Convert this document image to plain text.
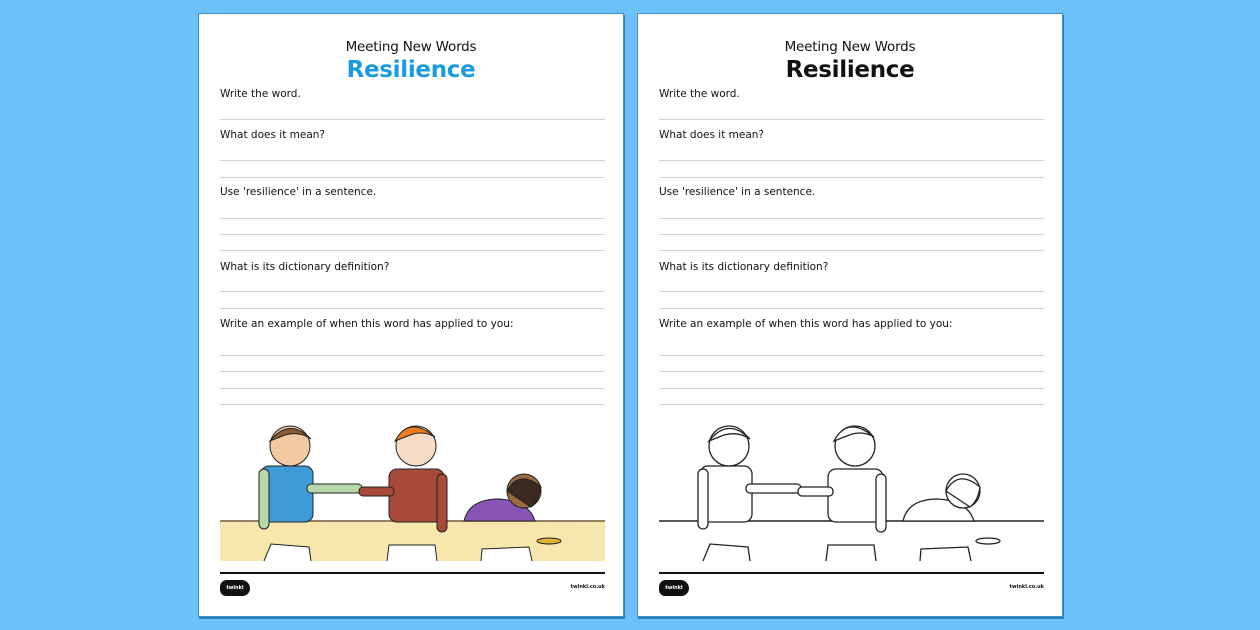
Meeting New Words
Resilience
Write the word.
What does it mean?
Use 'resilience' in a sentence.
What is its dictionary definition?
Write an example of when this word has applied to you:
twinkl	twinkl.co.uk
Meeting New Words
Resilience
Write the word.
What does it mean?
Use 'resilience' in a sentence.
What is its dictionary definition?
Write an example of when this word has applied to you:
twinkl	twinkl.co.uk
